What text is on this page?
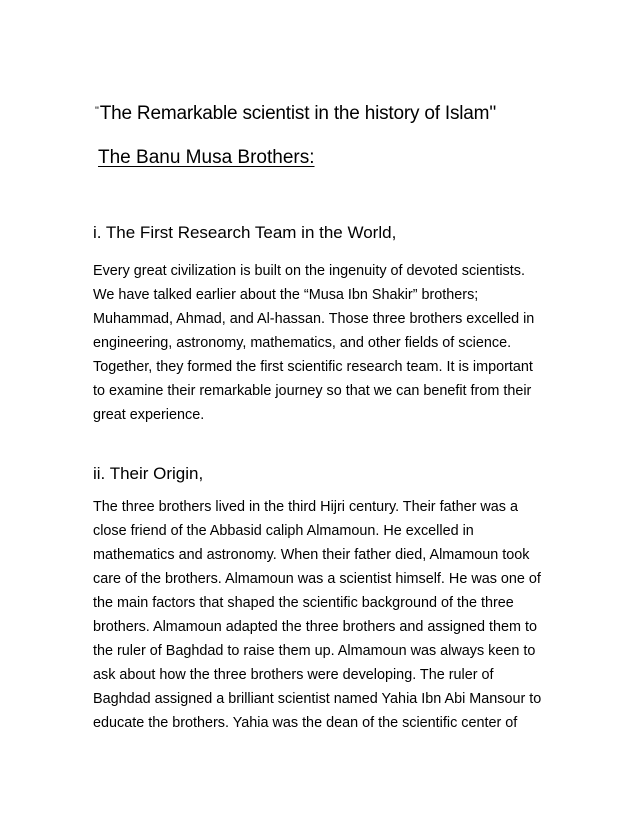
"The Remarkable scientist in the history of Islam''
The Banu Musa Brothers:
i. The First Research Team in the World,
Every great civilization is built on the ingenuity of devoted scientists.
We have talked earlier about the “Musa Ibn Shakir” brothers;
Muhammad, Ahmad, and Al-hassan. Those three brothers excelled in
engineering, astronomy, mathematics, and other fields of science.
Together, they formed the first scientific research team. It is important
to examine their remarkable journey so that we can benefit from their
great experience.
ii. Their Origin,
The three brothers lived in the third Hijri century. Their father was a
close friend of the Abbasid caliph Almamoun. He excelled in
mathematics and astronomy. When their father died, Almamoun took
care of the brothers. Almamoun was a scientist himself. He was one of
the main factors that shaped the scientific background of the three
brothers. Almamoun adapted the three brothers and assigned them to
the ruler of Baghdad to raise them up. Almamoun was always keen to
ask about how the three brothers were developing. The ruler of
Baghdad assigned a brilliant scientist named Yahia Ibn Abi Mansour to
educate the brothers. Yahia was the dean of the scientific center of
